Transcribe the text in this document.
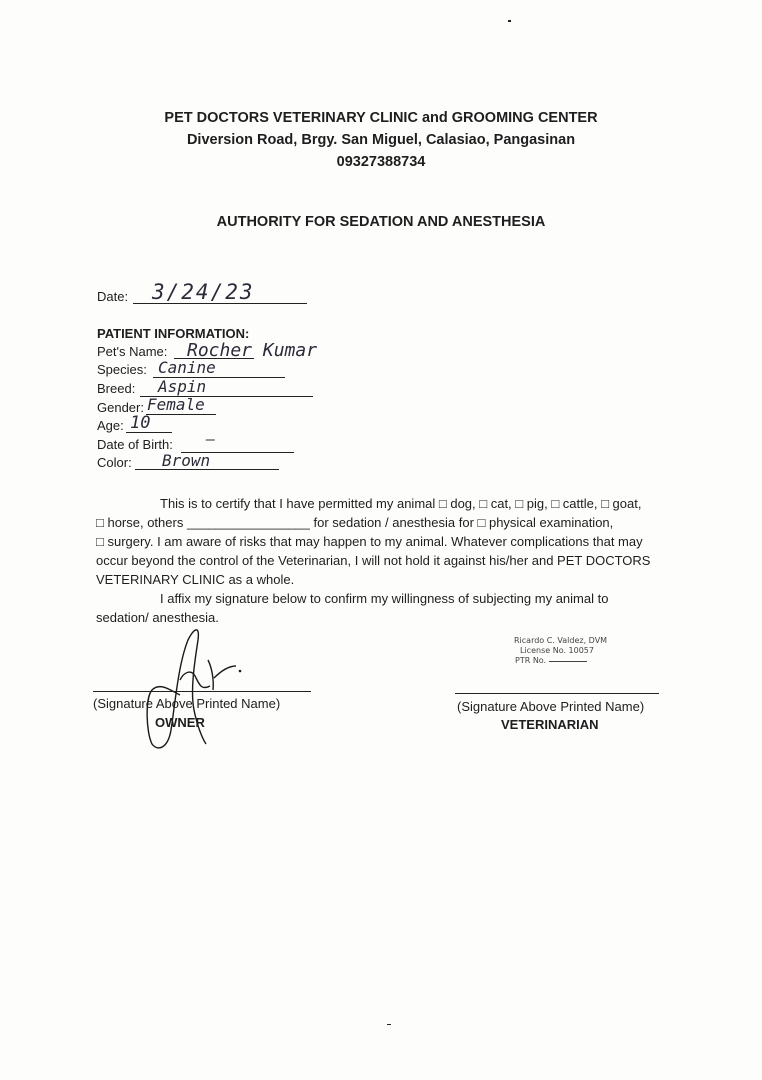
PET DOCTORS VETERINARY CLINIC and GROOMING CENTER
Diversion Road, Brgy. San Miguel, Calasiao, Pangasinan
09327388734
AUTHORITY FOR SEDATION AND ANESTHESIA
Date: 3/24/23
PATIENT INFORMATION:
Pet's Name: Rocher Kumar
Species: Canine
Breed: Aspin
Gender: Female
Age: 10
Date of Birth: —
Color: Brown

This is to certify that I have permitted my animal □ dog, □ cat, □ pig, □ cattle, □ goat,

□ horse, others _________________ for sedation / anesthesia for □ physical examination,

□ surgery. I am aware of risks that may happen to my animal. Whatever complications that may

occur beyond the control of the Veterinarian, I will not hold it against his/her and PET DOCTORS

VETERINARY CLINIC as a whole.

I affix my signature below to confirm my willingness of subjecting my animal to

sedation/ anesthesia.

(Signature Above Printed Name)
OWNER
Ricardo C. Valdez, DVM
License No. 10057
PTR No.
(Signature Above Printed Name)
VETERINARIAN
